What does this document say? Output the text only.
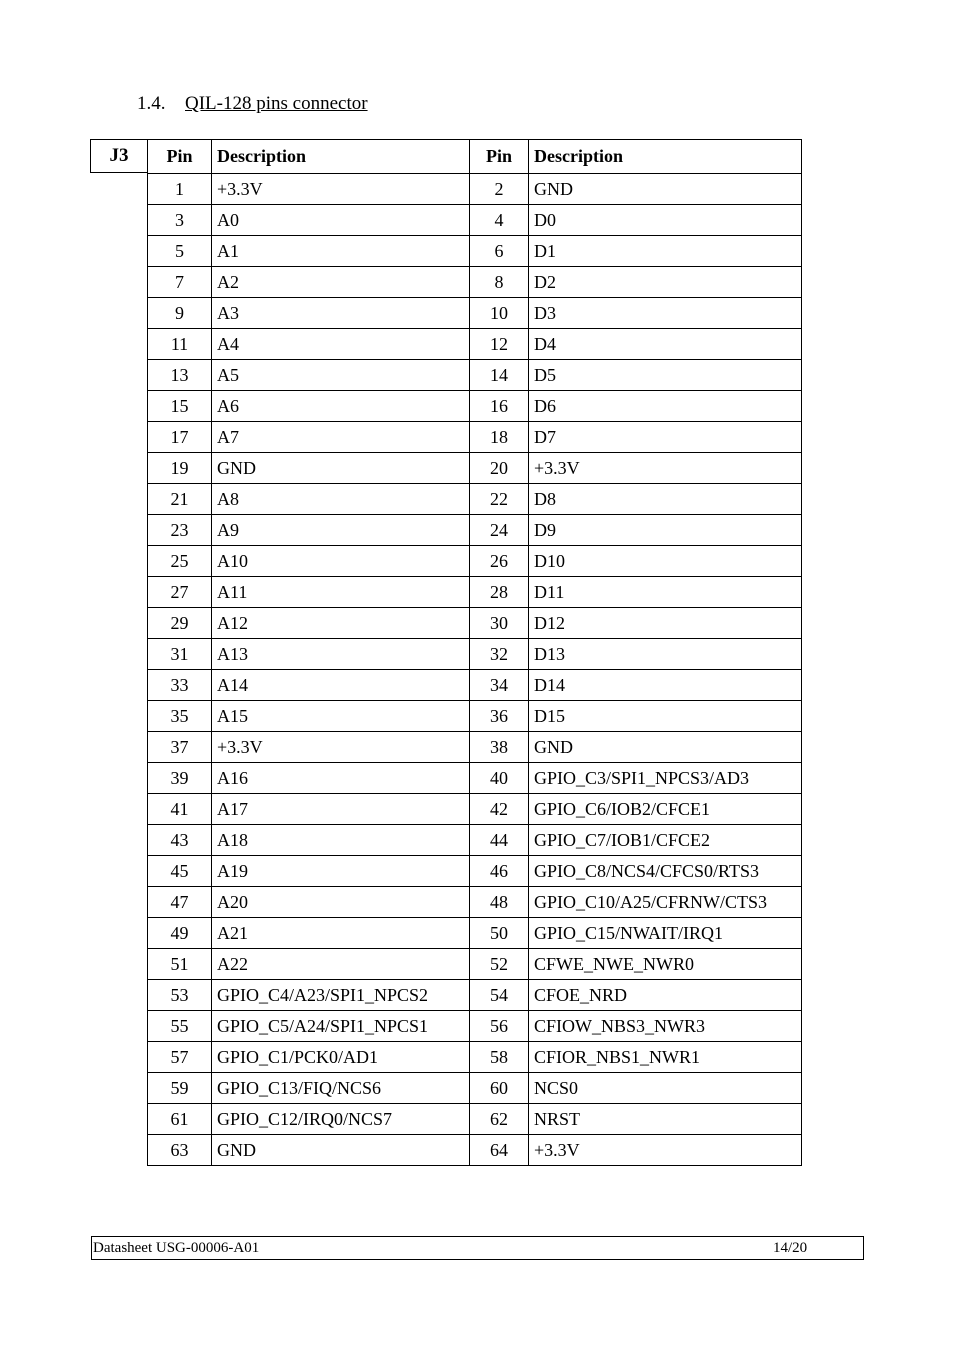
1.4. QIL-128 pins connector
J3	Pin	Description	Pin	Description
1	+3.3V	2	GND
3	A0	4	D0
5	A1	6	D1
7	A2	8	D2
9	A3	10	D3
11	A4	12	D4
13	A5	14	D5
15	A6	16	D6
17	A7	18	D7
19	GND	20	+3.3V
21	A8	22	D8
23	A9	24	D9
25	A10	26	D10
27	A11	28	D11
29	A12	30	D12
31	A13	32	D13
33	A14	34	D14
35	A15	36	D15
37	+3.3V	38	GND
39	A16	40	GPIO_C3/SPI1_NPCS3/AD3
41	A17	42	GPIO_C6/IOB2/CFCE1
43	A18	44	GPIO_C7/IOB1/CFCE2
45	A19	46	GPIO_C8/NCS4/CFCS0/RTS3
47	A20	48	GPIO_C10/A25/CFRNW/CTS3
49	A21	50	GPIO_C15/NWAIT/IRQ1
51	A22	52	CFWE_NWE_NWR0
53	GPIO_C4/A23/SPI1_NPCS2	54	CFOE_NRD
55	GPIO_C5/A24/SPI1_NPCS1	56	CFIOW_NBS3_NWR3
57	GPIO_C1/PCK0/AD1	58	CFIOR_NBS1_NWR1
59	GPIO_C13/FIQ/NCS6	60	NCS0
61	GPIO_C12/IRQ0/NCS7	62	NRST
63	GND	64	+3.3V
Datasheet USG-00006-A01	14/20
